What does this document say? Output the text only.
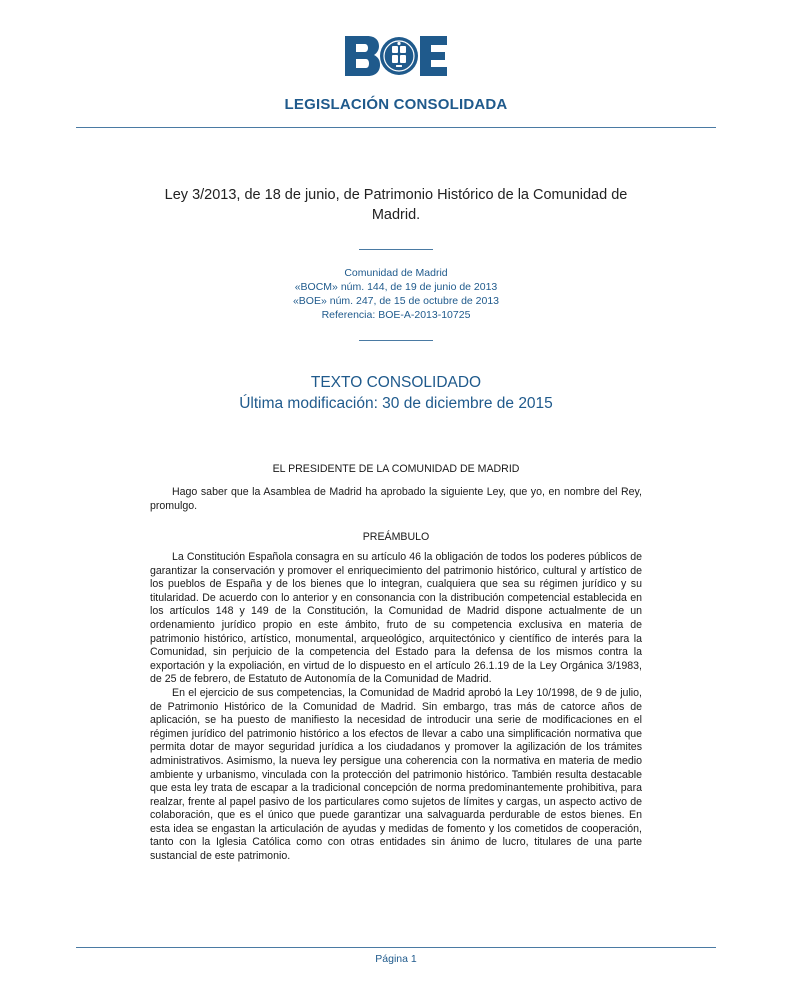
LEGISLACIÓN CONSOLIDADA
Ley 3/2013, de 18 de junio, de Patrimonio Histórico de la Comunidad de Madrid.
Comunidad de Madrid
«BOCM» núm. 144, de 19 de junio de 2013
«BOE» núm. 247, de 15 de octubre de 2013
Referencia: BOE-A-2013-10725
TEXTO CONSOLIDADO
Última modificación: 30 de diciembre de 2015
EL PRESIDENTE DE LA COMUNIDAD DE MADRID

Hago saber que la Asamblea de Madrid ha aprobado la siguiente Ley, que yo, en nombre del Rey, promulgo.

PREÁMBULO

La Constitución Española consagra en su artículo 46 la obligación de todos los poderes públicos de garantizar la conservación y promover el enriquecimiento del patrimonio histórico, cultural y artístico de los pueblos de España y de los bienes que lo integran, cualquiera que sea su régimen jurídico y su titularidad. De acuerdo con lo anterior y en consonancia con la distribución competencial establecida en los artículos 148 y 149 de la Constitución, la Comunidad de Madrid dispone actualmente de un ordenamiento jurídico propio en este ámbito, fruto de su competencia exclusiva en materia de patrimonio histórico, artístico, monumental, arqueológico, arquitectónico y científico de interés para la Comunidad, sin perjuicio de la competencia del Estado para la defensa de los mismos contra la exportación y la expoliación, en virtud de lo dispuesto en el artículo 26.1.19 de la Ley Orgánica 3/1983, de 25 de febrero, de Estatuto de Autonomía de la Comunidad de Madrid.

En el ejercicio de sus competencias, la Comunidad de Madrid aprobó la Ley 10/1998, de 9 de julio, de Patrimonio Histórico de la Comunidad de Madrid. Sin embargo, tras más de catorce años de aplicación, se ha puesto de manifiesto la necesidad de introducir una serie de modificaciones en el régimen jurídico del patrimonio histórico a los efectos de llevar a cabo una simplificación normativa que permita dotar de mayor seguridad jurídica a los ciudadanos y promover la agilización de los trámites administrativos. Asimismo, la nueva ley persigue una coherencia con la normativa en materia de medio ambiente y urbanismo, vinculada con la protección del patrimonio histórico. También resulta destacable que esta ley trata de escapar a la tradicional concepción de norma predominantemente prohibitiva, para realzar, frente al papel pasivo de los particulares como sujetos de límites y cargas, un aspecto activo de colaboración, que es el único que puede garantizar una salvaguarda perdurable de estos bienes. En esta idea se engastan la articulación de ayudas y medidas de fomento y los cometidos de cooperación, tanto con la Iglesia Católica como con otras entidades sin ánimo de lucro, titulares de una parte sustancial de este patrimonio.

Página 1
